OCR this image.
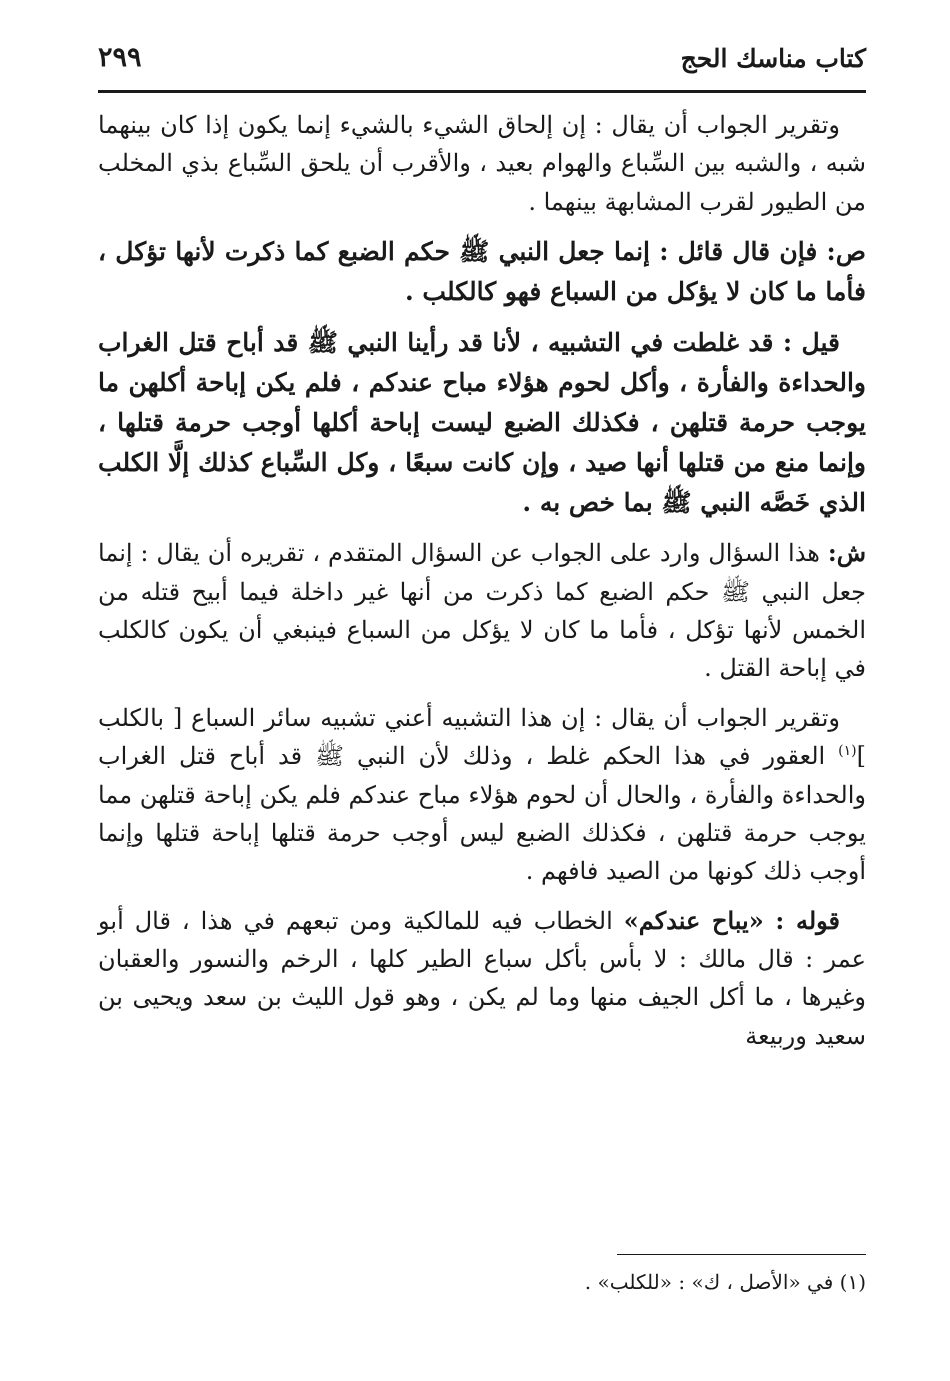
كتاب مناسك الحج
٢٩٩

وتقرير الجواب أن يقال : إن إلحاق الشيء بالشيء إنما يكون إذا كان بينهما شبه ، والشبه بين السِّباع والهوام بعيد ، والأقرب أن يلحق السِّباع بذي المخلب من الطيور لقرب المشابهة بينهما .

ص: فإن قال قائل : إنما جعل النبي ﷺ حكم الضبع كما ذكرت لأنها تؤكل ، فأما ما كان لا يؤكل من السباع فهو كالكلب .

قيل : قد غلطت في التشبيه ، لأنا قد رأينا النبي ﷺ قد أباح قتل الغراب والحداءة والفأرة ، وأكل لحوم هؤلاء مباح عندكم ، فلم يكن إباحة أكلهن ما يوجب حرمة قتلهن ، فكذلك الضبع ليست إباحة أكلها أوجب حرمة قتلها ، وإنما منع من قتلها أنها صيد ، وإن كانت سبعًا ، وكل السِّباع كذلك إلَّا الكلب الذي خَصَّه النبي ﷺ بما خص به .

ش: هذا السؤال وارد على الجواب عن السؤال المتقدم ، تقريره أن يقال : إنما جعل النبي ﷺ حكم الضبع كما ذكرت من أنها غير داخلة فيما أبيح قتله من الخمس لأنها تؤكل ، فأما ما كان لا يؤكل من السباع فينبغي أن يكون كالكلب في إباحة القتل .

وتقرير الجواب أن يقال : إن هذا التشبيه أعني تشبيه سائر السباع [ بالكلب ]$^{(١)}$ العقور في هذا الحكم غلط ، وذلك لأن النبي ﷺ قد أباح قتل الغراب والحداءة والفأرة ، والحال أن لحوم هؤلاء مباح عندكم فلم يكن إباحة قتلهن مما يوجب حرمة قتلهن ، فكذلك الضبع ليس أوجب حرمة قتلها إباحة قتلها وإنما أوجب ذلك كونها من الصيد فافهم .

قوله : «يباح عندكم» الخطاب فيه للمالكية ومن تبعهم في هذا ، قال أبو عمر : قال مالك : لا بأس بأكل سباع الطير كلها ، الرخم والنسور والعقبان وغيرها ، ما أكل الجيف منها وما لم يكن ، وهو قول الليث بن سعد ويحيى بن سعيد وربيعة

(١) في «الأصل ، ك» : «للكلب» .
